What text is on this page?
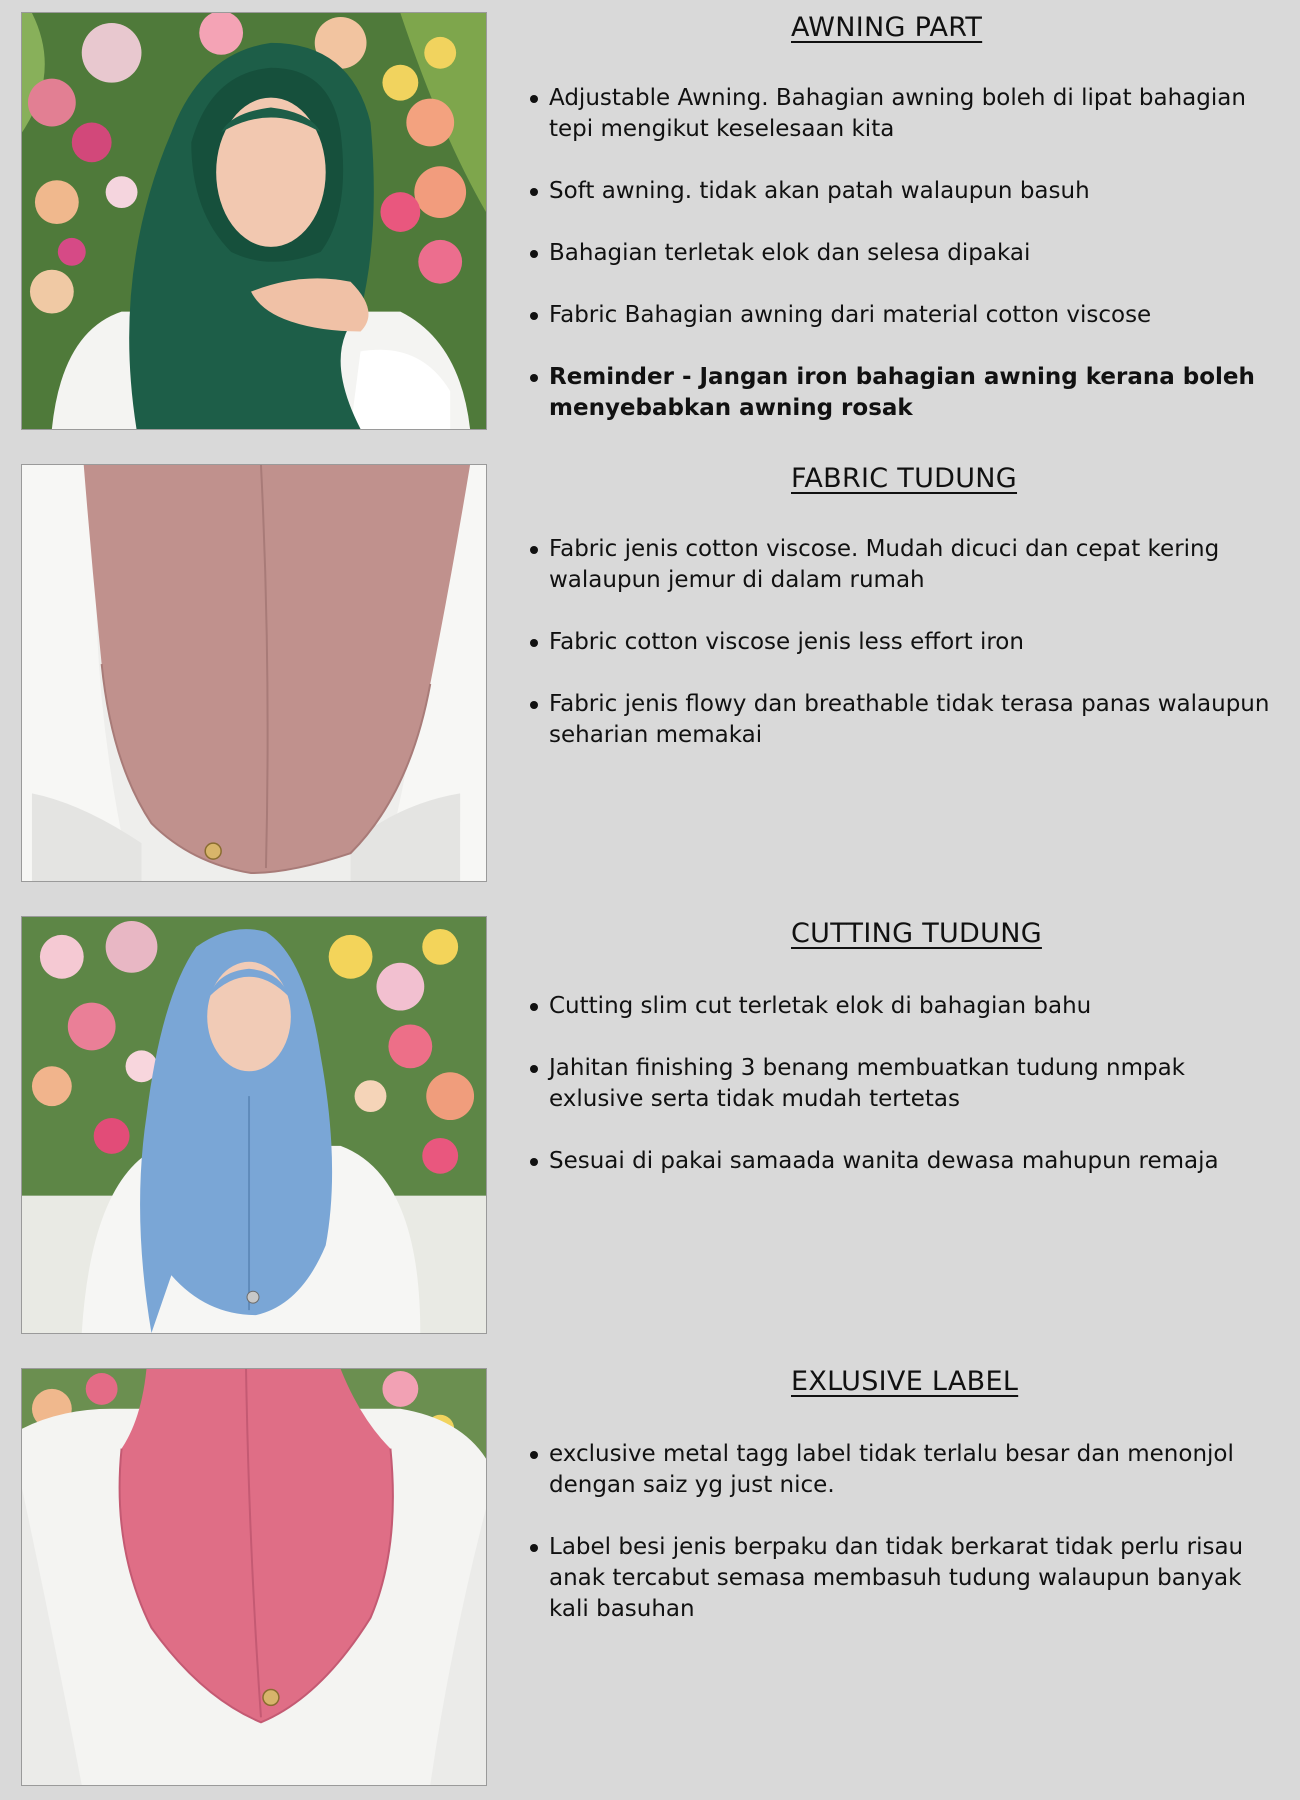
AWNING PART
Adjustable Awning. Bahagian awning boleh di lipat bahagian tepi mengikut keselesaan kita
Soft awning. tidak akan patah walaupun basuh
Bahagian terletak elok dan selesa dipakai
Fabric Bahagian awning dari material cotton viscose
Reminder - Jangan iron bahagian awning kerana boleh menyebabkan awning rosak
FABRIC TUDUNG
Fabric jenis cotton viscose. Mudah dicuci dan cepat kering walaupun jemur di dalam rumah
Fabric cotton viscose jenis less effort iron
Fabric jenis flowy dan breathable tidak terasa panas walaupun seharian memakai
CUTTING TUDUNG
Cutting slim cut terletak elok di bahagian bahu
Jahitan finishing 3 benang membuatkan tudung nmpak exlusive serta tidak mudah tertetas
Sesuai di pakai samaada wanita dewasa mahupun remaja
EXLUSIVE LABEL
exclusive metal tagg label tidak terlalu besar dan menonjol dengan saiz yg just nice.
Label besi jenis berpaku dan tidak berkarat tidak perlu risau anak tercabut semasa membasuh tudung walaupun banyak kali basuhan
